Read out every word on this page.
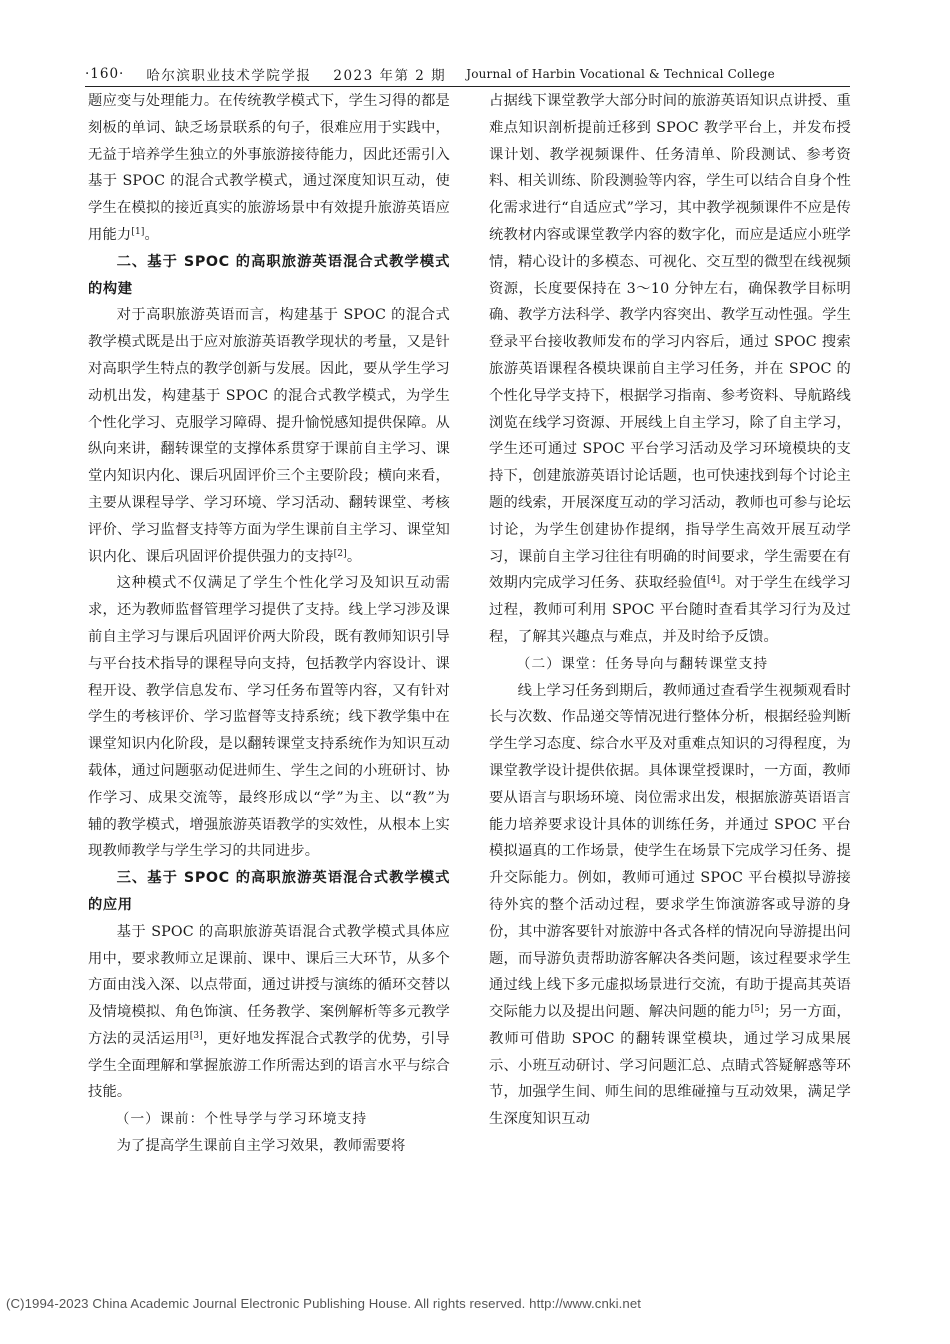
·160· 哈尔滨职业技术学院学报 2023 年第 2 期 Journal of Harbin Vocational & Technical College

题应变与处理能力。在传统教学模式下，学生习得的都是刻板的单词、缺乏场景联系的句子，很难应用于实践中，无益于培养学生独立的外事旅游接待能力，因此还需引入基于 SPOC 的混合式教学模式，通过深度知识互动，使学生在模拟的接近真实的旅游场景中有效提升旅游英语应用能力[1]。

二、基于 SPOC 的高职旅游英语混合式教学模式的构建

对于高职旅游英语而言，构建基于 SPOC 的混合式教学模式既是出于应对旅游英语教学现状的考量，又是针对高职学生特点的教学创新与发展。因此，要从学生学习动机出发，构建基于 SPOC 的混合式教学模式，为学生个性化学习、克服学习障碍、提升愉悦感知提供保障。从纵向来讲，翻转课堂的支撑体系贯穿于课前自主学习、课堂内知识内化、课后巩固评价三个主要阶段；横向来看，主要从课程导学、学习环境、学习活动、翻转课堂、考核评价、学习监督支持等方面为学生课前自主学习、课堂知识内化、课后巩固评价提供强力的支持[2]。

这种模式不仅满足了学生个性化学习及知识互动需求，还为教师监督管理学习提供了支持。线上学习涉及课前自主学习与课后巩固评价两大阶段，既有教师知识引导与平台技术指导的课程导向支持，包括教学内容设计、课程开设、教学信息发布、学习任务布置等内容，又有针对学生的考核评价、学习监督等支持系统；线下教学集中在课堂知识内化阶段，是以翻转课堂支持系统作为知识互动载体，通过问题驱动促进师生、学生之间的小班研讨、协作学习、成果交流等，最终形成以“学”为主、以“教”为辅的教学模式，增强旅游英语教学的实效性，从根本上实现教师教学与学生学习的共同进步。

三、基于 SPOC 的高职旅游英语混合式教学模式的应用

基于 SPOC 的高职旅游英语混合式教学模式具体应用中，要求教师立足课前、课中、课后三大环节，从多个方面由浅入深、以点带面，通过讲授与演练的循环交替以及情境模拟、角色饰演、任务教学、案例解析等多元教学方法的灵活运用[3]，更好地发挥混合式教学的优势，引导学生全面理解和掌握旅游工作所需达到的语言水平与综合技能。

（一）课前：个性导学与学习环境支持

为了提高学生课前自主学习效果，教师需要将

占据线下课堂教学大部分时间的旅游英语知识点讲授、重难点知识剖析提前迁移到 SPOC 教学平台上，并发布授课计划、教学视频课件、任务清单、阶段测试、参考资料、相关训练、阶段测验等内容，学生可以结合自身个性化需求进行“自适应式”学习，其中教学视频课件不应是传统教材内容或课堂教学内容的数字化，而应是适应小班学情，精心设计的多模态、可视化、交互型的微型在线视频资源，长度要保持在 3～10 分钟左右，确保教学目标明确、教学方法科学、教学内容突出、教学互动性强。学生登录平台接收教师发布的学习内容后，通过 SPOC 搜索旅游英语课程各模块课前自主学习任务，并在 SPOC 的个性化导学支持下，根据学习指南、参考资料、导航路线浏览在线学习资源、开展线上自主学习，除了自主学习，学生还可通过 SPOC 平台学习活动及学习环境模块的支持下，创建旅游英语讨论话题，也可快速找到每个讨论主题的线索，开展深度互动的学习活动，教师也可参与论坛讨论，为学生创建协作提纲，指导学生高效开展互动学习，课前自主学习往往有明确的时间要求，学生需要在有效期内完成学习任务、获取经验值[4]。对于学生在线学习过程，教师可利用 SPOC 平台随时查看其学习行为及过程，了解其兴趣点与难点，并及时给予反馈。

（二）课堂：任务导向与翻转课堂支持

线上学习任务到期后，教师通过查看学生视频观看时长与次数、作品递交等情况进行整体分析，根据经验判断学生学习态度、综合水平及对重难点知识的习得程度，为课堂教学设计提供依据。具体课堂授课时，一方面，教师要从语言与职场环境、岗位需求出发，根据旅游英语语言能力培养要求设计具体的训练任务，并通过 SPOC 平台模拟逼真的工作场景，使学生在场景下完成学习任务、提升交际能力。例如，教师可通过 SPOC 平台模拟导游接待外宾的整个活动过程，要求学生饰演游客或导游的身份，其中游客要针对旅游中各式各样的情况向导游提出问题，而导游负责帮助游客解决各类问题，该过程要求学生通过线上线下多元虚拟场景进行交流，有助于提高其英语交际能力以及提出问题、解决问题的能力[5]；另一方面，教师可借助 SPOC 的翻转课堂模块，通过学习成果展示、小班互动研讨、学习问题汇总、点睛式答疑解惑等环节，加强学生间、师生间的思维碰撞与互动效果，满足学生深度知识互动

(C)1994-2023 China Academic Journal Electronic Publishing House. All rights reserved. http://www.cnki.net
